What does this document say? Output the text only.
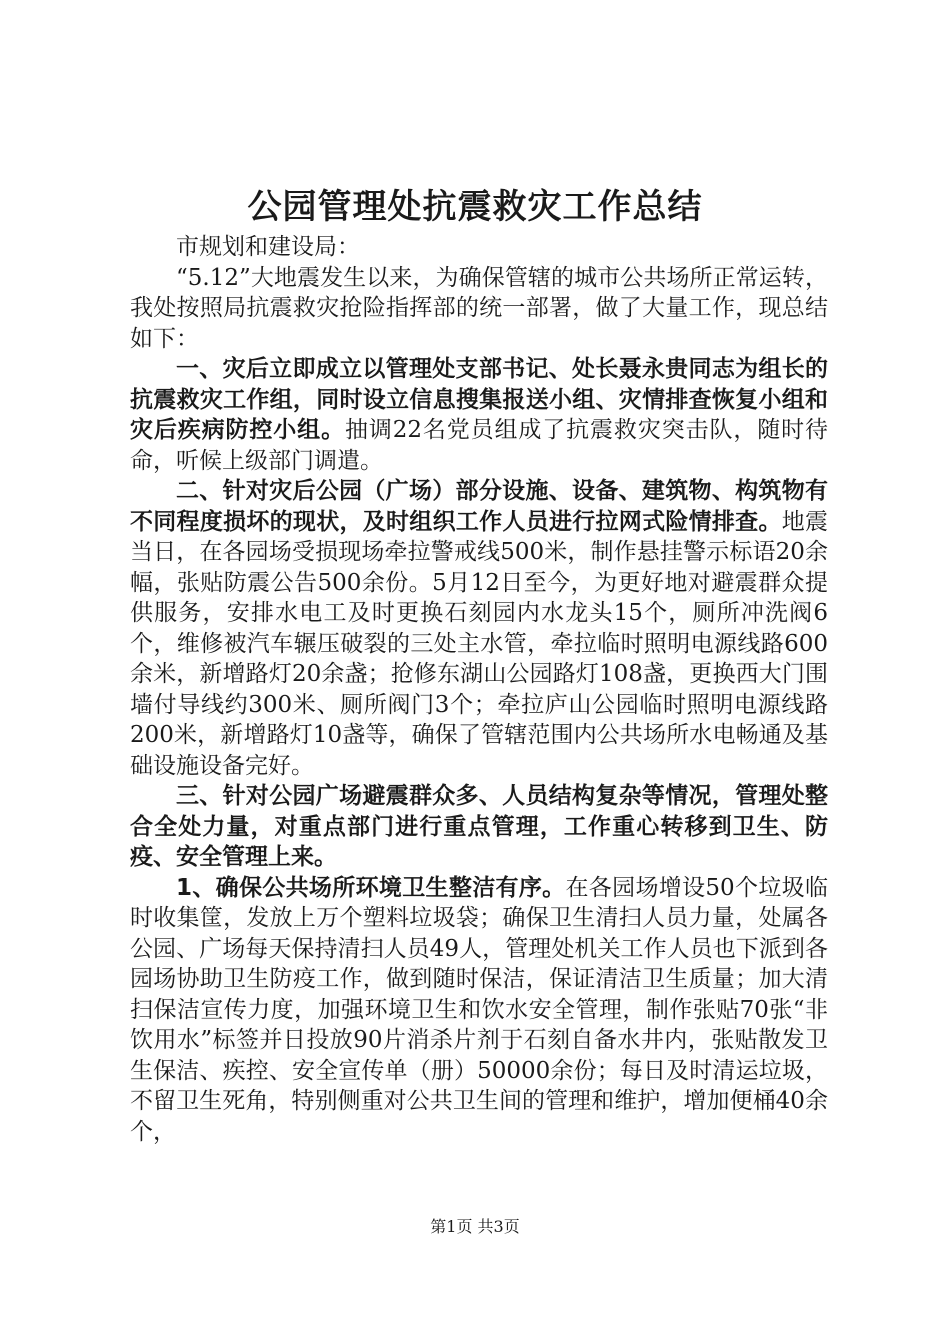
公园管理处抗震救灾工作总结

市规划和建设局：

“5.12”大地震发生以来，为确保管辖的城市公共场所正常运转，我处按照局抗震救灾抢险指挥部的统一部署，做了大量工作，现总结如下：

一、灾后立即成立以管理处支部书记、处长聂永贵同志为组长的抗震救灾工作组，同时设立信息搜集报送小组、灾情排查恢复小组和灾后疾病防控小组。抽调22名党员组成了抗震救灾突击队，随时待命，听候上级部门调遣。

二、针对灾后公园（广场）部分设施、设备、建筑物、构筑物有不同程度损坏的现状，及时组织工作人员进行拉网式险情排查。地震当日，在各园场受损现场牵拉警戒线500米，制作悬挂警示标语20余幅，张贴防震公告500余份。5月12日至今，为更好地对避震群众提供服务，安排水电工及时更换石刻园内水龙头15个，厕所冲洗阀6个，维修被汽车辗压破裂的三处主水管，牵拉临时照明电源线路600余米，新增路灯20余盏；抢修东湖山公园路灯108盏，更换西大门围墙付导线约300米、厕所阀门3个；牵拉庐山公园临时照明电源线路200米，新增路灯10盏等，确保了管辖范围内公共场所水电畅通及基础设施设备完好。

三、针对公园广场避震群众多、人员结构复杂等情况，管理处整合全处力量，对重点部门进行重点管理，工作重心转移到卫生、防疫、安全管理上来。

1、确保公共场所环境卫生整洁有序。在各园场增设50个垃圾临时收集筐，发放上万个塑料垃圾袋；确保卫生清扫人员力量，处属各公园、广场每天保持清扫人员49人，管理处机关工作人员也下派到各园场协助卫生防疫工作，做到随时保洁，保证清洁卫生质量；加大清扫保洁宣传力度，加强环境卫生和饮水安全管理，制作张贴70张“非饮用水”标签并日投放90片消杀片剂于石刻自备水井内，张贴散发卫生保洁、疾控、安全宣传单（册）50000余份；每日及时清运垃圾，不留卫生死角，特别侧重对公共卫生间的管理和维护，增加便桶40余个，

第1页 共3页
